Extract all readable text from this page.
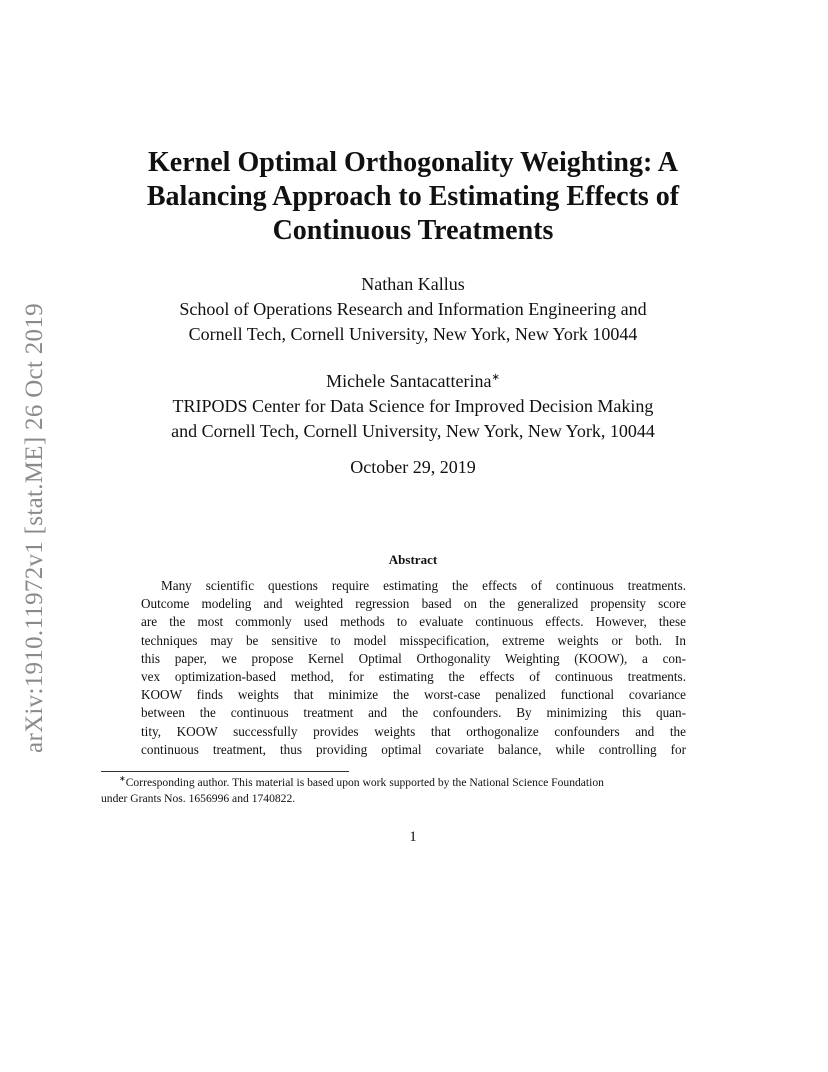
arXiv:1910.11972v1 [stat.ME] 26 Oct 2019
Kernel Optimal Orthogonality Weighting: A
Balancing Approach to Estimating Effects of
Continuous Treatments
Nathan Kallus
School of Operations Research and Information Engineering and
Cornell Tech, Cornell University, New York, New York 10044
Michele Santacatterina∗
TRIPODS Center for Data Science for Improved Decision Making
and Cornell Tech, Cornell University, New York, New York, 10044
October 29, 2019
Abstract
Many scientific questions require estimating the effects of continuous treatments.
Outcome modeling and weighted regression based on the generalized propensity score
are the most commonly used methods to evaluate continuous effects. However, these
techniques may be sensitive to model misspecification, extreme weights or both. In
this paper, we propose Kernel Optimal Orthogonality Weighting (KOOW), a con-
vex optimization-based method, for estimating the effects of continuous treatments.
KOOW finds weights that minimize the worst-case penalized functional covariance
between the continuous treatment and the confounders. By minimizing this quan-
tity, KOOW successfully provides weights that orthogonalize confounders and the
continuous treatment, thus providing optimal covariate balance, while controlling for
∗Corresponding author. This material is based upon work supported by the National Science Foundation
under Grants Nos. 1656996 and 1740822.
1
